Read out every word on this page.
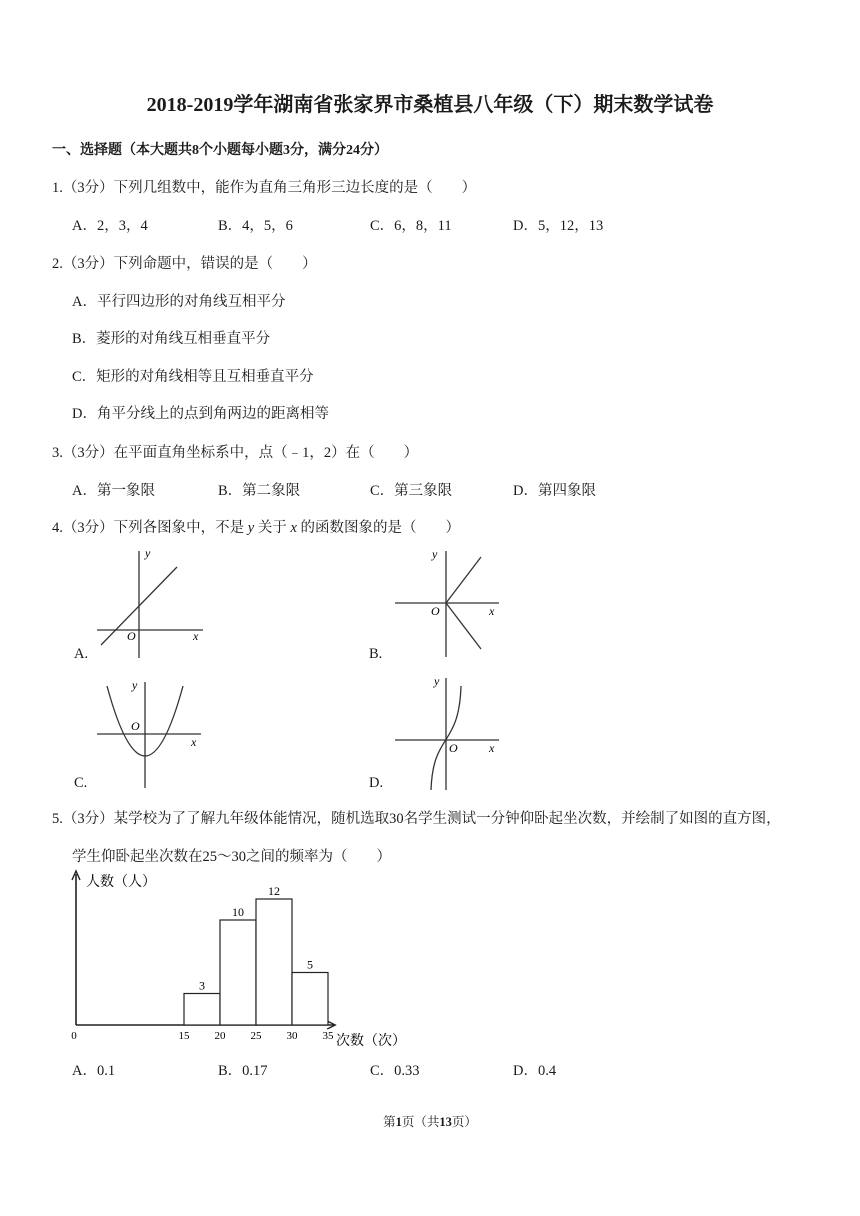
2018-2019学年湖南省张家界市桑植县八年级（下）期末数学试卷
一、选择题（本大题共8个小题每小题3分，满分24分）
1.（3分）下列几组数中，能作为直角三角形三边长度的是（　　）
A．2，3，4	B．4，5，6	C．6，8，11	D．5，12，13
2.（3分）下列命题中，错误的是（　　）
A．平行四边形的对角线互相平分
B．菱形的对角线互相垂直平分
C．矩形的对角线相等且互相垂直平分
D．角平分线上的点到角两边的距离相等
3.（3分）在平面直角坐标系中，点（﹣1，2）在（　　）
A．第一象限	B．第二象限	C．第三象限	D．第四象限
4.（3分）下列各图象中，不是 y 关于 x 的函数图象的是（　　）
x
y
O
A.
x
y
O
B.
x
y
O
C.
x
y
O
D.
5.（3分）某学校为了了解九年级体能情况，随机选取30名学生测试一分钟仰卧起坐次数，并绘制了如图的直方图，
学生仰卧起坐次数在25～30之间的频率为（　　）
3
10
12
5
15 20 25 30 35
0
人数（人）
次数（次）
A．0.1	B．0.17	C．0.33	D．0.4
第1页（共13页）
